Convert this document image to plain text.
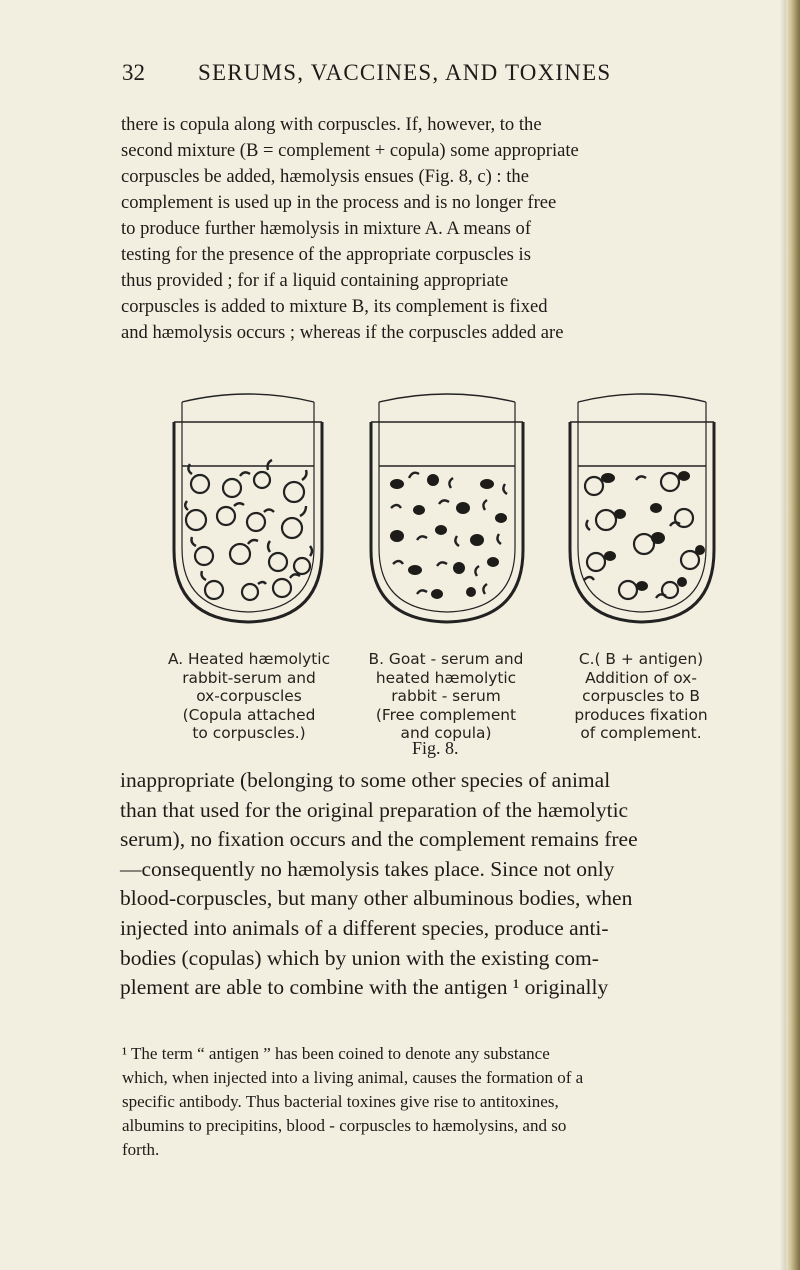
32 SERUMS, VACCINES, AND TOXINES

there is copula along with corpuscles. If, however, to the
second mixture (B = complement + copula) some appropriate
corpuscles be added, hæmolysis ensues (Fig. 8, c) : the
complement is used up in the process and is no longer free
to produce further hæmolysis in mixture A. A means of
testing for the presence of the appropriate corpuscles is
thus provided ; for if a liquid containing appropriate
corpuscles is added to mixture B, its complement is fixed
and hæmolysis occurs ; whereas if the corpuscles added are

A. Heated hæmolytic
rabbit-serum and
ox-corpuscles
(Copula attached
to corpuscles.)
B. Goat - serum and
heated hæmolytic
rabbit - serum
(Free complement
and copula)
C.( B + antigen)
Addition of ox-
corpuscles to B
produces fixation
of complement.
Fig. 8.

inappropriate (belonging to some other species of animal
than that used for the original preparation of the hæmolytic
serum), no fixation occurs and the complement remains free
—consequently no hæmolysis takes place. Since not only
blood-corpuscles, but many other albuminous bodies, when
injected into animals of a different species, produce anti-
bodies (copulas) which by union with the existing com-
plement are able to combine with the antigen ¹ originally

¹ The term “ antigen ” has been coined to denote any substance
which, when injected into a living animal, causes the formation of a
specific antibody. Thus bacterial toxines give rise to antitoxines,
albumins to precipitins, blood - corpuscles to hæmolysins, and so
forth.
